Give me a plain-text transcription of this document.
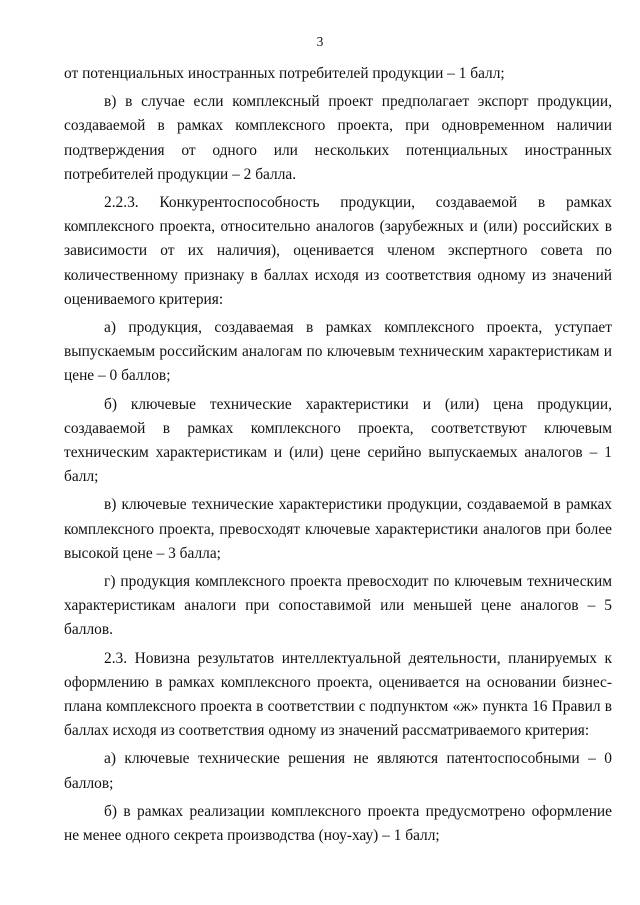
3

от потенциальных иностранных потребителей продукции – 1 балл;

в) в случае если комплексный проект предполагает экспорт продукции, создаваемой в рамках комплексного проекта, при одновременном наличии подтверждения от одного или нескольких потенциальных иностранных потребителей продукции – 2 балла.

2.2.3. Конкурентоспособность продукции, создаваемой в рамках комплексного проекта, относительно аналогов (зарубежных и (или) российских в зависимости от их наличия), оценивается членом экспертного совета по количественному признаку в баллах исходя из соответствия одному из значений оцениваемого критерия:

а) продукция, создаваемая в рамках комплексного проекта, уступает выпускаемым российским аналогам по ключевым техническим характеристикам и цене – 0 баллов;

б) ключевые технические характеристики и (или) цена продукции, создаваемой в рамках комплексного проекта, соответствуют ключевым техническим характеристикам и (или) цене серийно выпускаемых аналогов – 1 балл;

в) ключевые технические характеристики продукции, создаваемой в рамках комплексного проекта, превосходят ключевые характеристики аналогов при более высокой цене – 3 балла;

г) продукция комплексного проекта превосходит по ключевым техническим характеристикам аналоги при сопоставимой или меньшей цене аналогов – 5 баллов.

2.3. Новизна результатов интеллектуальной деятельности, планируемых к оформлению в рамках комплексного проекта, оценивается на основании бизнес-плана комплексного проекта в соответствии с подпунктом «ж» пункта 16 Правил в баллах исходя из соответствия одному из значений рассматриваемого критерия:

а) ключевые технические решения не являются патентоспособными – 0 баллов;

б) в рамках реализации комплексного проекта предусмотрено оформление не менее одного секрета производства (ноу-хау) – 1 балл;
